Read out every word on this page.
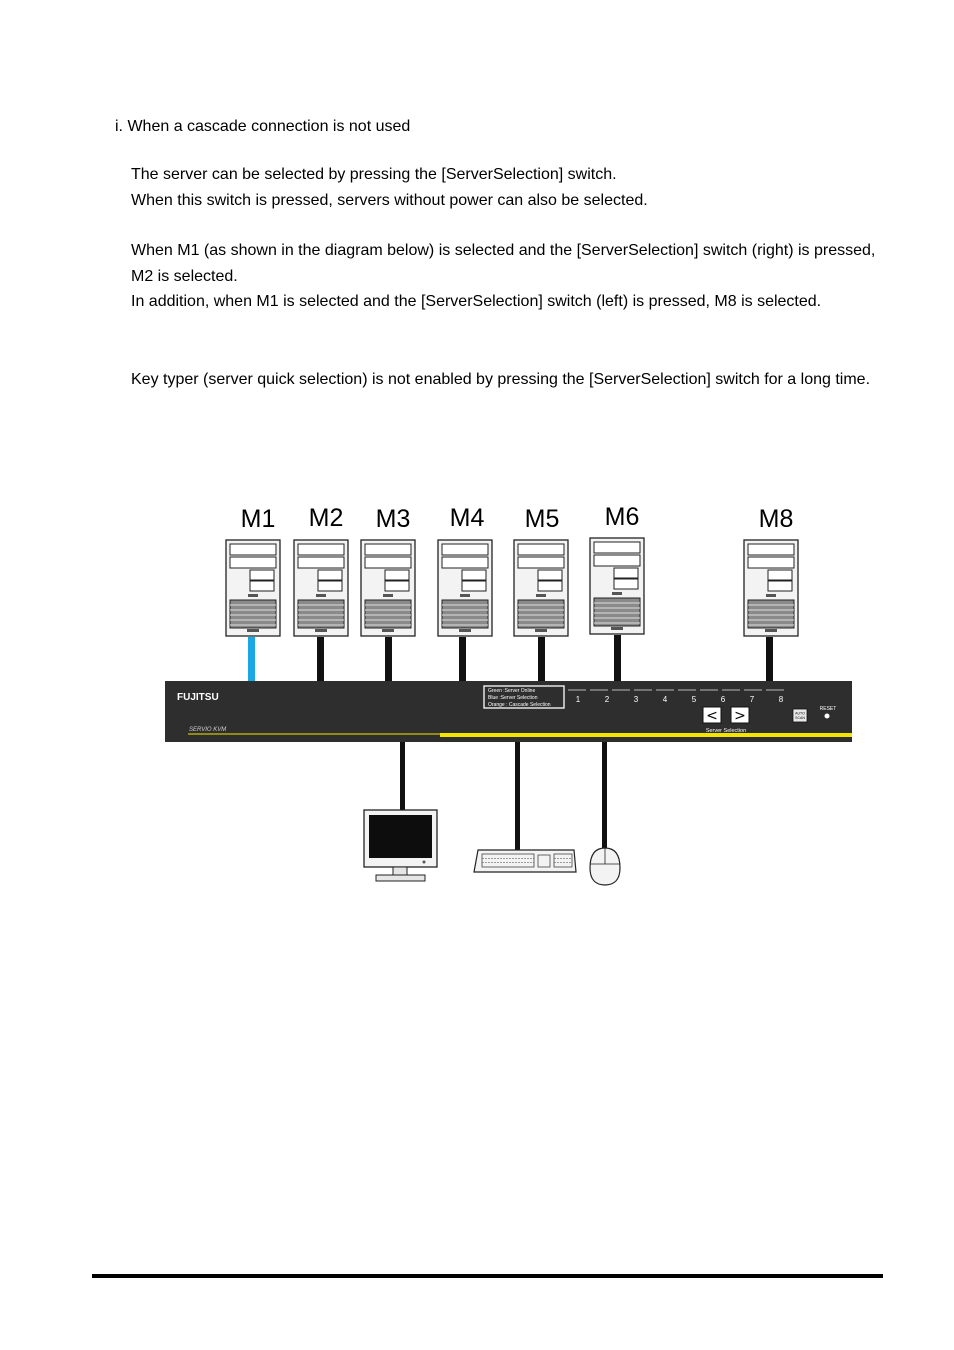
i. When a cascade connection is not used
The server can be selected by pressing the [ServerSelection] switch.
When this switch is pressed, servers without power can also be selected.
When M1 (as shown in the diagram below) is selected and the [ServerSelection] switch (right) is pressed, M2 is selected.
In addition, when M1 is selected and the [ServerSelection] switch (left) is pressed, M8 is selected.
Key typer (server quick selection) is not enabled by pressing the [ServerSelection] switch for a long time.
M1 M2 M3 M4 M5 M6	M8
FUJITSU
SERVIO KVM
Green :Server Online
Blue :Server Selection
Orange : Cascade Selection
1	2	3	4	5	6	7	8
< >
Server Selection
AUTO
SCAN
RESET
